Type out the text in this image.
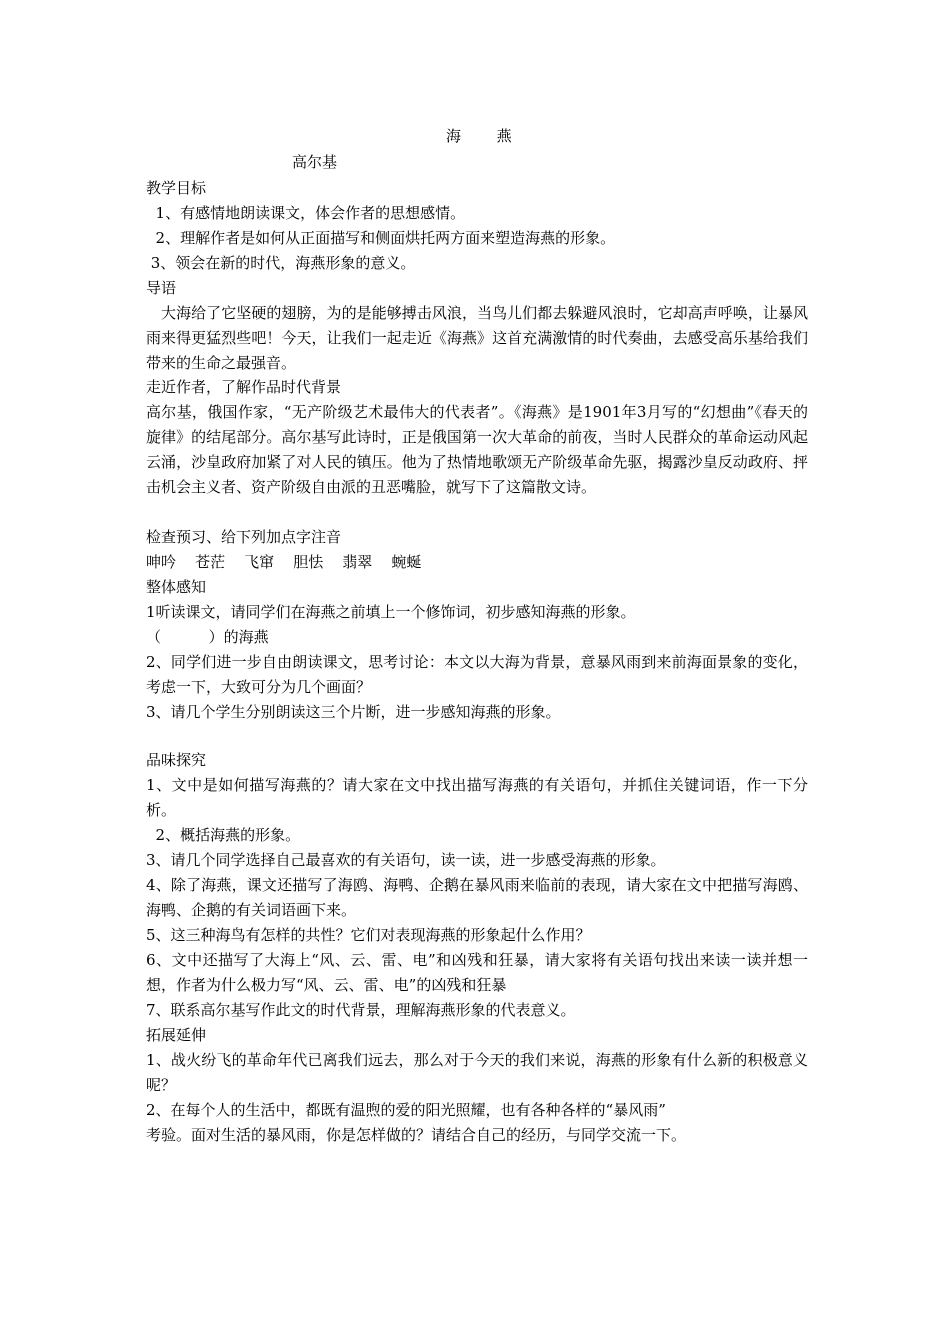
海      燕
高尔基
教学目标
1、有感情地朗读课文，体会作者的思想感情。
2、理解作者是如何从正面描写和侧面烘托两方面来塑造海燕的形象。
3、领会在新的时代，海燕形象的意义。
导语
　大海给了它坚硬的翅膀，为的是能够搏击风浪，当鸟儿们都去躲避风浪时，它却高声呼唤，让暴风雨来得更猛烈些吧！今天，让我们一起走近《海燕》这首充满激情的时代奏曲，去感受高乐基给我们带来的生命之最强音。
走近作者，了解作品时代背景
高尔基，俄国作家，“无产阶级艺术最伟大的代表者”。《海燕》是1901年3月写的“幻想曲”《春天的旋律》的结尾部分。高尔基写此诗时，正是俄国第一次大革命的前夜，当时人民群众的革命运动风起云涌，沙皇政府加紧了对人民的镇压。他为了热情地歌颂无产阶级革命先驱，揭露沙皇反动政府、抨击机会主义者、资产阶级自由派的丑恶嘴脸，就写下了这篇散文诗。
检查预习、给下列加点字注音
呻吟    苍茫    飞窜    胆怯    翡翠    蜿蜒
整体感知
1听读课文，请同学们在海燕之前填上一个修饰词，初步感知海燕的形象。
（          ）的海燕
2、同学们进一步自由朗读课文，思考讨论：本文以大海为背景，意暴风雨到来前海面景象的变化，考虑一下，大致可分为几个画面？
3、请几个学生分别朗读这三个片断，进一步感知海燕的形象。
品味探究
1、文中是如何描写海燕的？请大家在文中找出描写海燕的有关语句，并抓住关键词语，作一下分析。
2、概括海燕的形象。
3、请几个同学选择自己最喜欢的有关语句，读一读，进一步感受海燕的形象。
4、除了海燕，课文还描写了海鸥、海鸭、企鹅在暴风雨来临前的表现，请大家在文中把描写海鸥、海鸭、企鹅的有关词语画下来。
5、这三种海鸟有怎样的共性？它们对表现海燕的形象起什么作用？
6、文中还描写了大海上“风、云、雷、电”和凶残和狂暴，请大家将有关语句找出来读一读并想一想，作者为什么极力写“风、云、雷、电”的凶残和狂暴
7、联系高尔基写作此文的时代背景，理解海燕形象的代表意义。
拓展延伸
1、战火纷飞的革命年代已离我们远去，那么对于今天的我们来说，海燕的形象有什么新的积极意义呢？
2、在每个人的生活中，都既有温煦的爱的阳光照耀，也有各种各样的“暴风雨”
考验。面对生活的暴风雨，你是怎样做的？请结合自己的经历，与同学交流一下。
